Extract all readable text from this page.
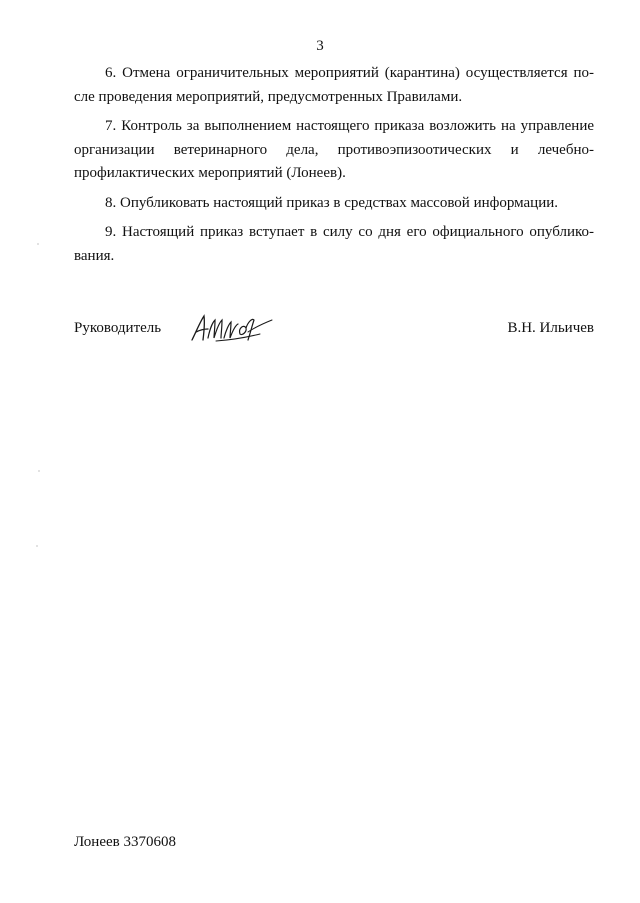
3

6. Отмена ограничительных мероприятий (карантина) осуществляется по-сле проведения мероприятий, предусмотренных Правилами.

7. Контроль за выполнением настоящего приказа возложить на управление организации ветеринарного дела, противоэпизоотических и лечебно-профилактических мероприятий (Лонеев).

8. Опубликовать настоящий приказ в средствах массовой информации.

9. Настоящий приказ вступает в силу со дня его официального опублико-вания.

Руководитель	В.Н. Ильичев
Лонеев 3370608
